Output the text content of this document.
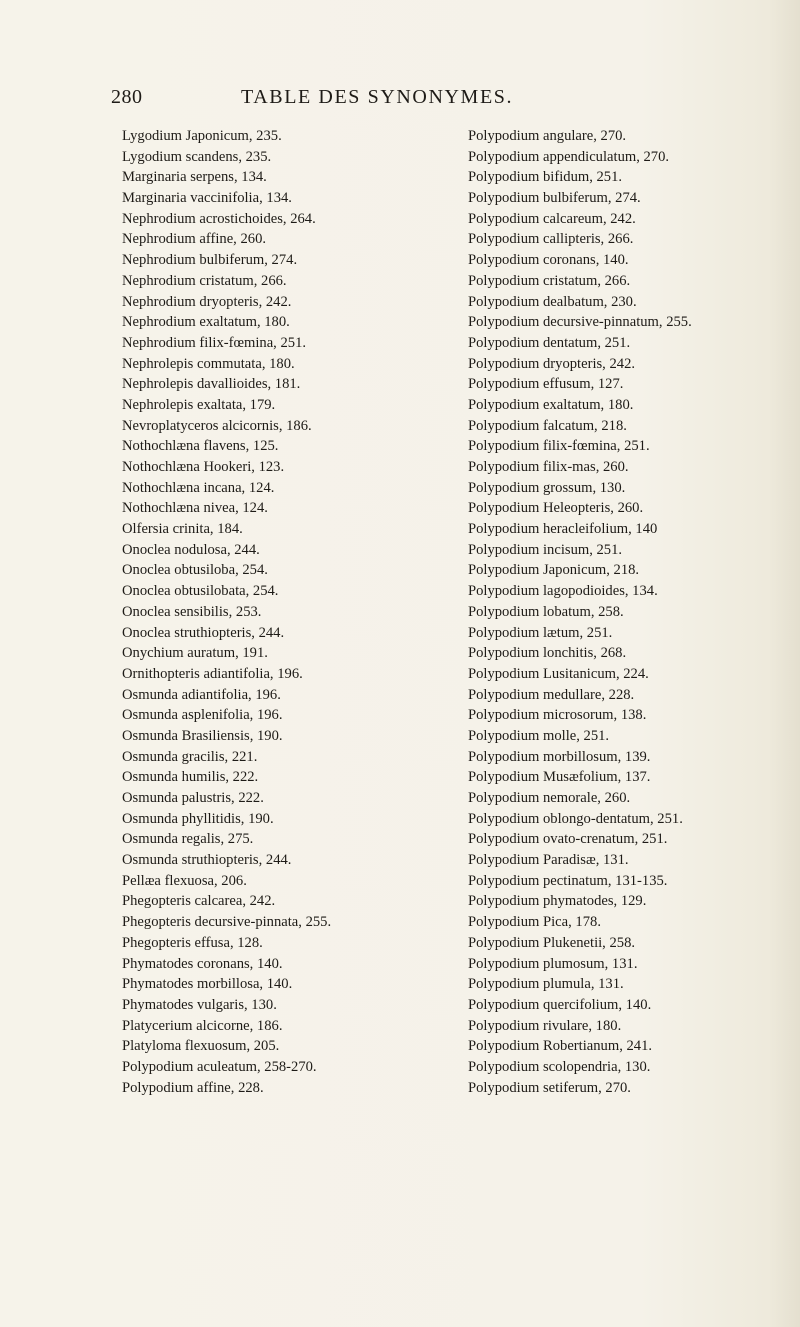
280	TABLE DES SYNONYMES.
Lygodium Japonicum, 235.
Lygodium scandens, 235.
Marginaria serpens, 134.
Marginaria vaccinifolia, 134.
Nephrodium acrostichoides, 264.
Nephrodium affine, 260.
Nephrodium bulbiferum, 274.
Nephrodium cristatum, 266.
Nephrodium dryopteris, 242.
Nephrodium exaltatum, 180.
Nephrodium filix-fœmina, 251.
Nephrolepis commutata, 180.
Nephrolepis davallioides, 181.
Nephrolepis exaltata, 179.
Nevroplatyceros alcicornis, 186.
Nothochlæna flavens, 125.
Nothochlæna Hookeri, 123.
Nothochlæna incana, 124.
Nothochlæna nivea, 124.
Olfersia crinita, 184.
Onoclea nodulosa, 244.
Onoclea obtusiloba, 254.
Onoclea obtusilobata, 254.
Onoclea sensibilis, 253.
Onoclea struthiopteris, 244.
Onychium auratum, 191.
Ornithopteris adiantifolia, 196.
Osmunda adiantifolia, 196.
Osmunda asplenifolia, 196.
Osmunda Brasiliensis, 190.
Osmunda gracilis, 221.
Osmunda humilis, 222.
Osmunda palustris, 222.
Osmunda phyllitidis, 190.
Osmunda regalis, 275.
Osmunda struthiopteris, 244.
Pellæa flexuosa, 206.
Phegopteris calcarea, 242.
Phegopteris decursive-pinnata, 255.
Phegopteris effusa, 128.
Phymatodes coronans, 140.
Phymatodes morbillosa, 140.
Phymatodes vulgaris, 130.
Platycerium alcicorne, 186.
Platyloma flexuosum, 205.
Polypodium aculeatum, 258-270.
Polypodium affine, 228.
Polypodium angulare, 270.
Polypodium appendiculatum, 270.
Polypodium bifidum, 251.
Polypodium bulbiferum, 274.
Polypodium calcareum, 242.
Polypodium callipteris, 266.
Polypodium coronans, 140.
Polypodium cristatum, 266.
Polypodium dealbatum, 230.
Polypodium decursive-pinnatum, 255.
Polypodium dentatum, 251.
Polypodium dryopteris, 242.
Polypodium effusum, 127.
Polypodium exaltatum, 180.
Polypodium falcatum, 218.
Polypodium filix-fœmina, 251.
Polypodium filix-mas, 260.
Polypodium grossum, 130.
Polypodium Heleopteris, 260.
Polypodium heracleifolium, 140
Polypodium incisum, 251.
Polypodium Japonicum, 218.
Polypodium lagopodioides, 134.
Polypodium lobatum, 258.
Polypodium lætum, 251.
Polypodium lonchitis, 268.
Polypodium Lusitanicum, 224.
Polypodium medullare, 228.
Polypodium microsorum, 138.
Polypodium molle, 251.
Polypodium morbillosum, 139.
Polypodium Musæfolium, 137.
Polypodium nemorale, 260.
Polypodium oblongo-dentatum, 251.
Polypodium ovato-crenatum, 251.
Polypodium Paradisæ, 131.
Polypodium pectinatum, 131-135.
Polypodium phymatodes, 129.
Polypodium Pica, 178.
Polypodium Plukenetii, 258.
Polypodium plumosum, 131.
Polypodium plumula, 131.
Polypodium quercifolium, 140.
Polypodium rivulare, 180.
Polypodium Robertianum, 241.
Polypodium scolopendria, 130.
Polypodium setiferum, 270.
